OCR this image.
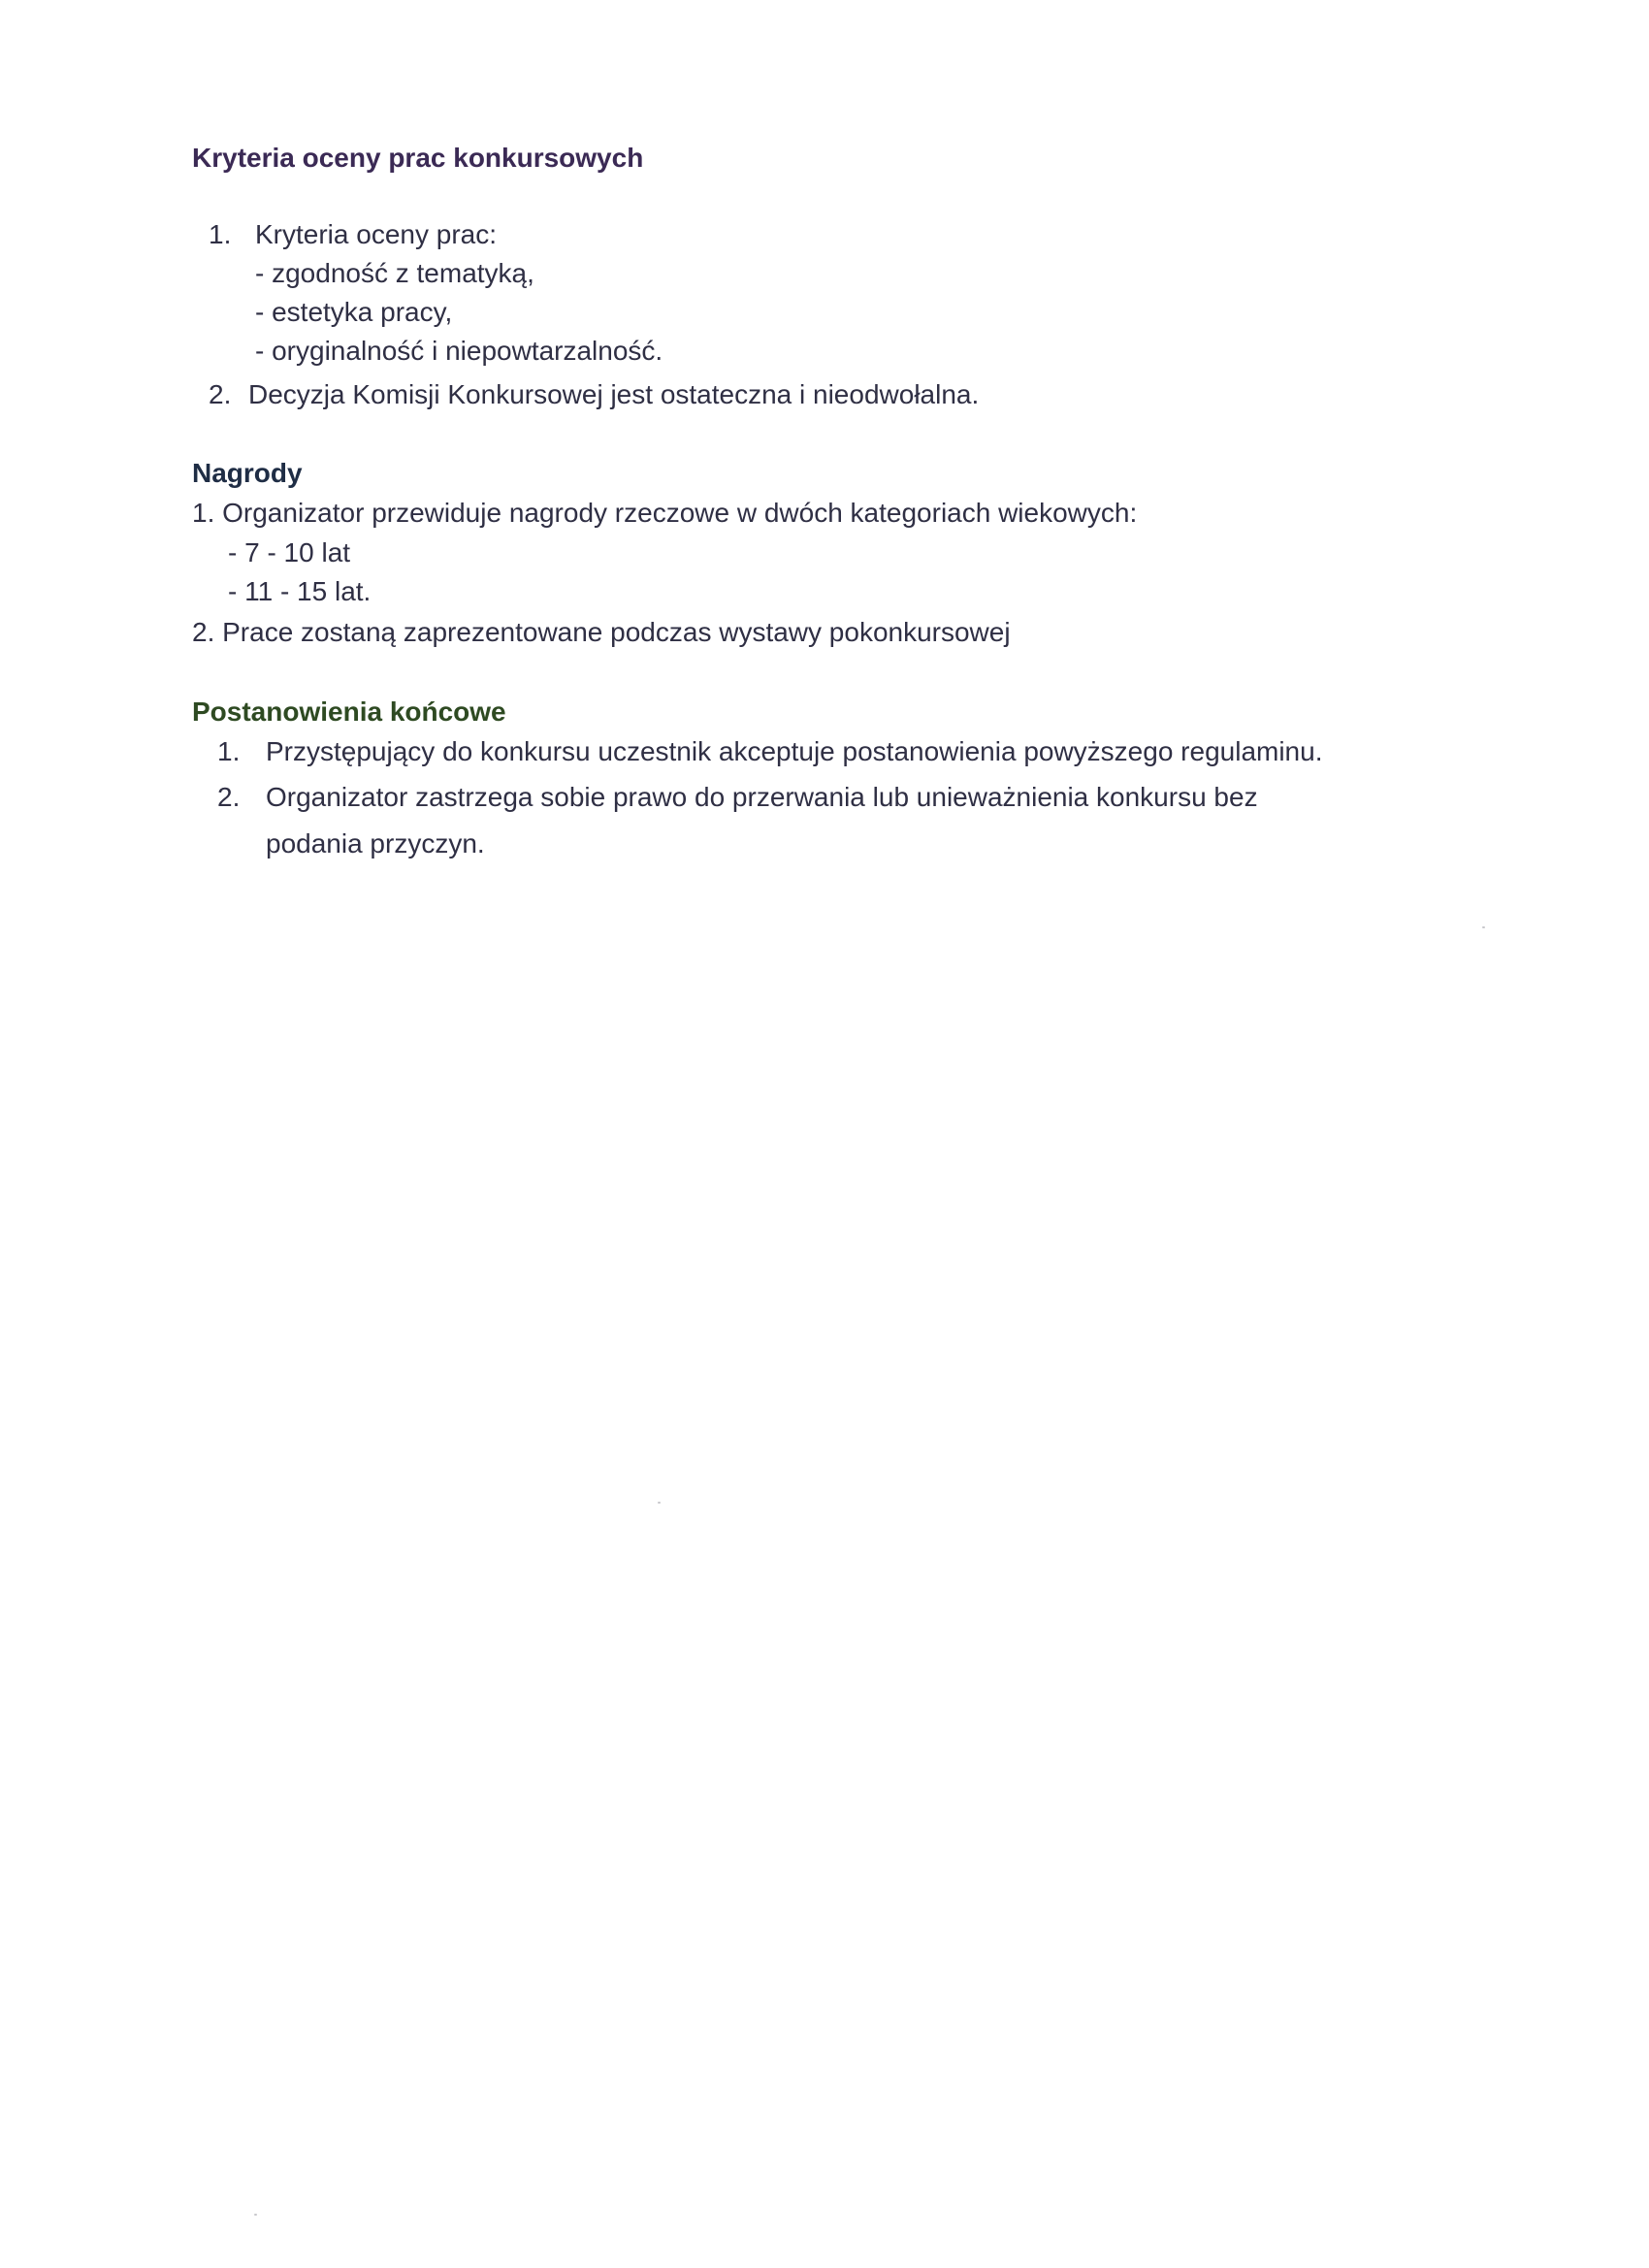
Kryteria oceny prac konkursowych
1. Kryteria oceny prac:
- zgodność z tematyką,
- estetyka pracy,
- oryginalność i niepowtarzalność.
2. Decyzja Komisji Konkursowej jest ostateczna i nieodwołalna.
Nagrody
1. Organizator przewiduje nagrody rzeczowe w dwóch kategoriach wiekowych:
- 7 - 10 lat
- 11 - 15 lat.
2. Prace zostaną zaprezentowane podczas wystawy pokonkursowej
Postanowienia końcowe
1. Przystępujący do konkursu uczestnik akceptuje postanowienia powyższego regulaminu.
2. Organizator zastrzega sobie prawo do przerwania lub unieważnienia konkursu bez
podania przyczyn.
